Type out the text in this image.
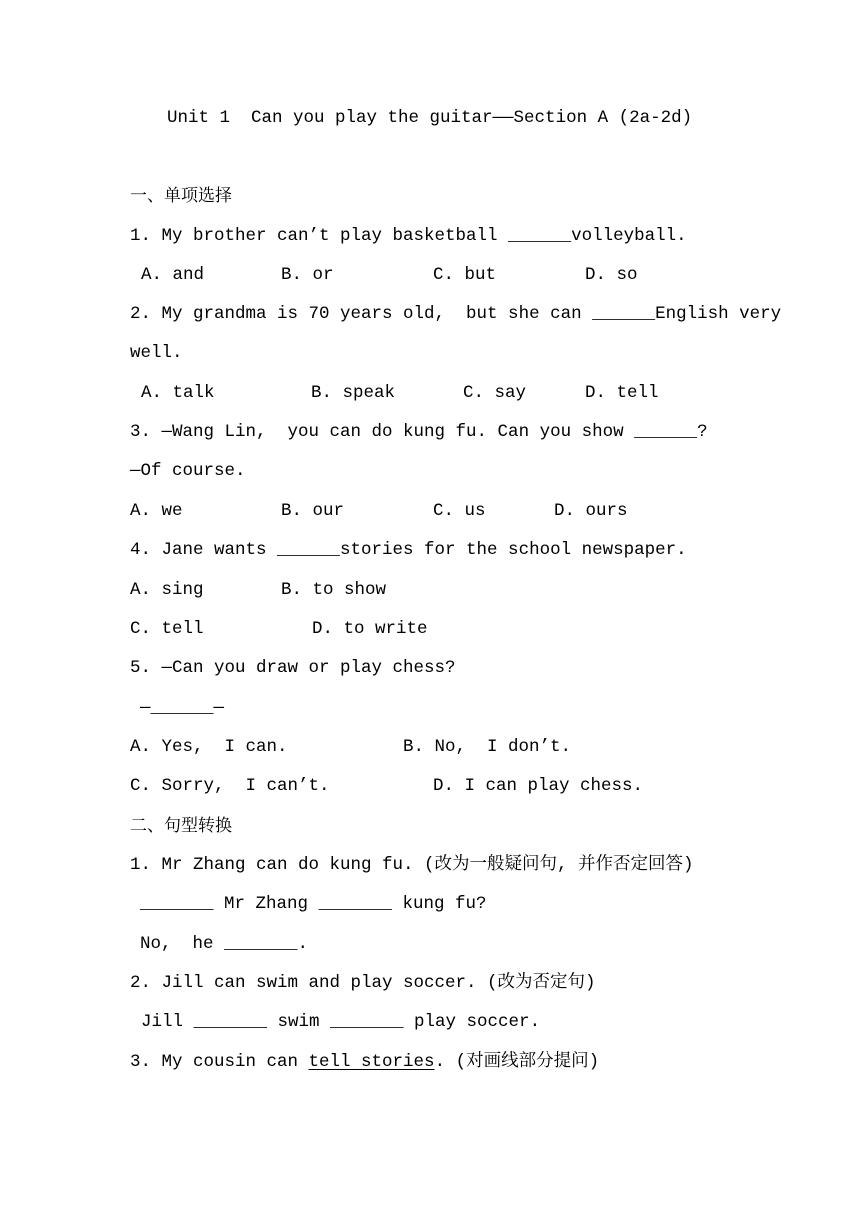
Unit 1  Can you play the guitar——Section A (2a-2d)
一、单项选择
1. My brother can’t play basketball ______volleyball.
A. and	B. or	C. but	D. so
2. My grandma is 70 years old,  but she can ______English very
well.
A. talk	B. speak	C. say	D. tell
3. —Wang Lin,  you can do kung fu. Can you show ______?
—Of course.
A. we	B. our	C. us	D. ours
4. Jane wants ______stories for the school newspaper.
A. sing	B. to show
C. tell	D. to write
5. —Can you draw or play chess?
—______—
A. Yes,  I can.	B. No,  I don’t.
C. Sorry,  I can’t.	D. I can play chess.
二、句型转换
1. Mr Zhang can do kung fu. (改为一般疑问句, 并作否定回答)
_______ Mr Zhang _______ kung fu?
No,  he _______.
2. Jill can swim and play soccer. (改为否定句)
Jill _______ swim _______ play soccer.
3. My cousin can tell stories. (对画线部分提问)
